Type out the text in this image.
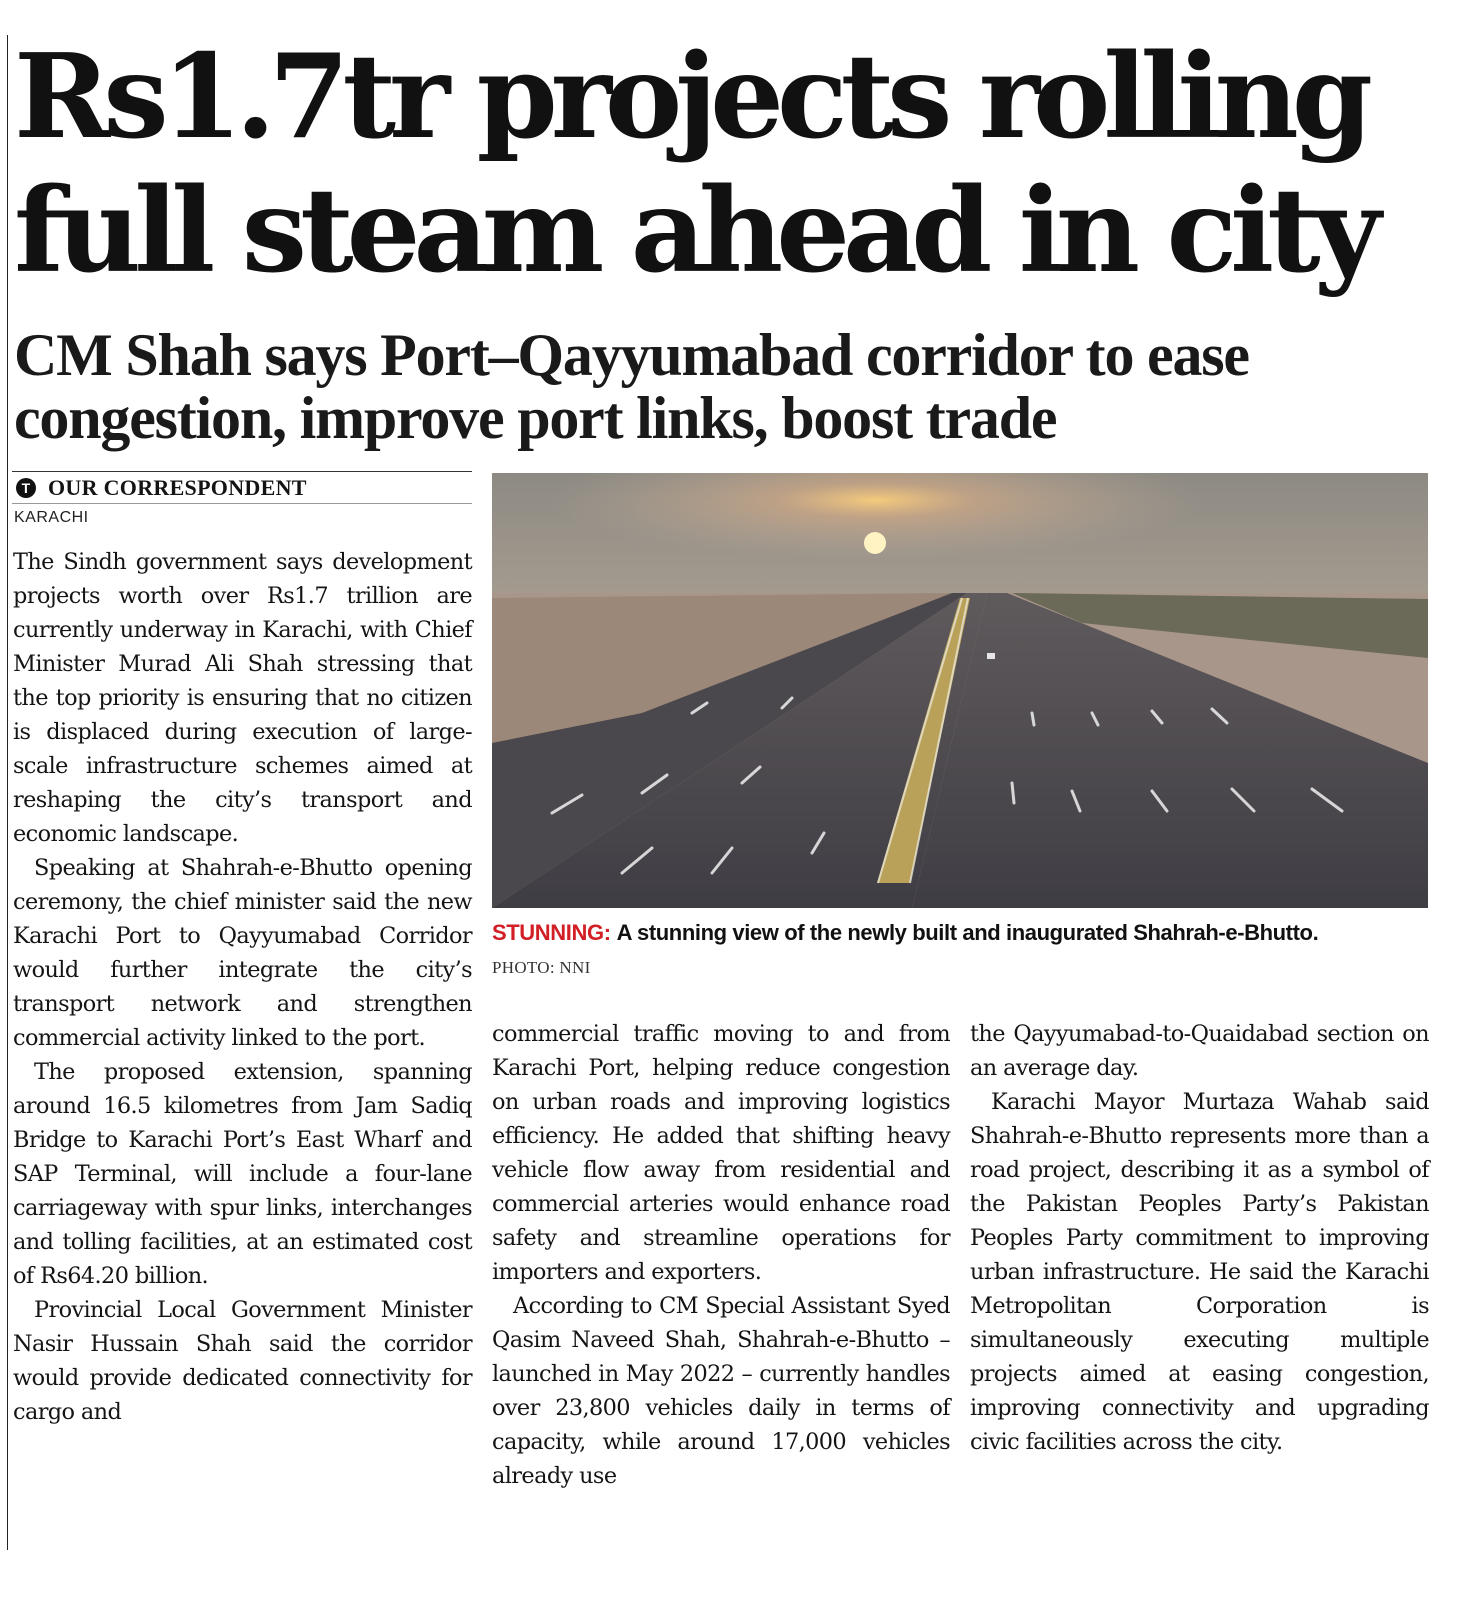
Rs1.7tr projects rolling full steam ahead in city
CM Shah says Port–Qayyumabad corridor to ease congestion, improve port links, boost trade
T OUR CORRESPONDENT
KARACHI

The Sindh government says development projects worth over Rs1.7 trillion are currently underway in Karachi, with Chief Minister Murad Ali Shah stressing that the top priority is ensuring that no citizen is displaced during execution of large-scale infrastructure schemes aimed at reshaping the city’s transport and economic landscape.

Speaking at Shahrah-e-Bhutto opening ceremony, the chief minister said the new Karachi Port to Qayyumabad Corridor would further integrate the city’s transport network and strengthen commercial activity linked to the port.

The proposed extension, spanning around 16.5 kilometres from Jam Sadiq Bridge to Karachi Port’s East Wharf and SAP Terminal, will include a four-lane carriageway with spur links, interchanges and tolling facilities, at an estimated cost of Rs64.20 billion.

Provincial Local Government Minister Nasir Hussain Shah said the corridor would provide dedicated connectivity for cargo and

STUNNING: A stunning view of the newly built and inaugurated Shahrah-e-Bhutto.
PHOTO: NNI

commercial traffic moving to and from Karachi Port, helping reduce congestion on urban roads and improving logistics efficiency. He added that shifting heavy vehicle flow away from residential and commercial arteries would enhance road safety and streamline operations for importers and exporters.

According to CM Special Assistant Syed Qasim Naveed Shah, Shahrah-e-Bhutto – launched in May 2022 – currently handles over 23,800 vehicles daily in terms of capacity, while around 17,000 vehicles already use

the Qayyumabad-to-Quaidabad section on an average day.

Karachi Mayor Murtaza Wahab said Shahrah-e-Bhutto represents more than a road project, describing it as a symbol of the Pakistan Peoples Party’s Pakistan Peoples Party commitment to improving urban infrastructure. He said the Karachi Metropolitan Corporation is simultaneously executing multiple projects aimed at easing congestion, improving connectivity and upgrading civic facilities across the city.
